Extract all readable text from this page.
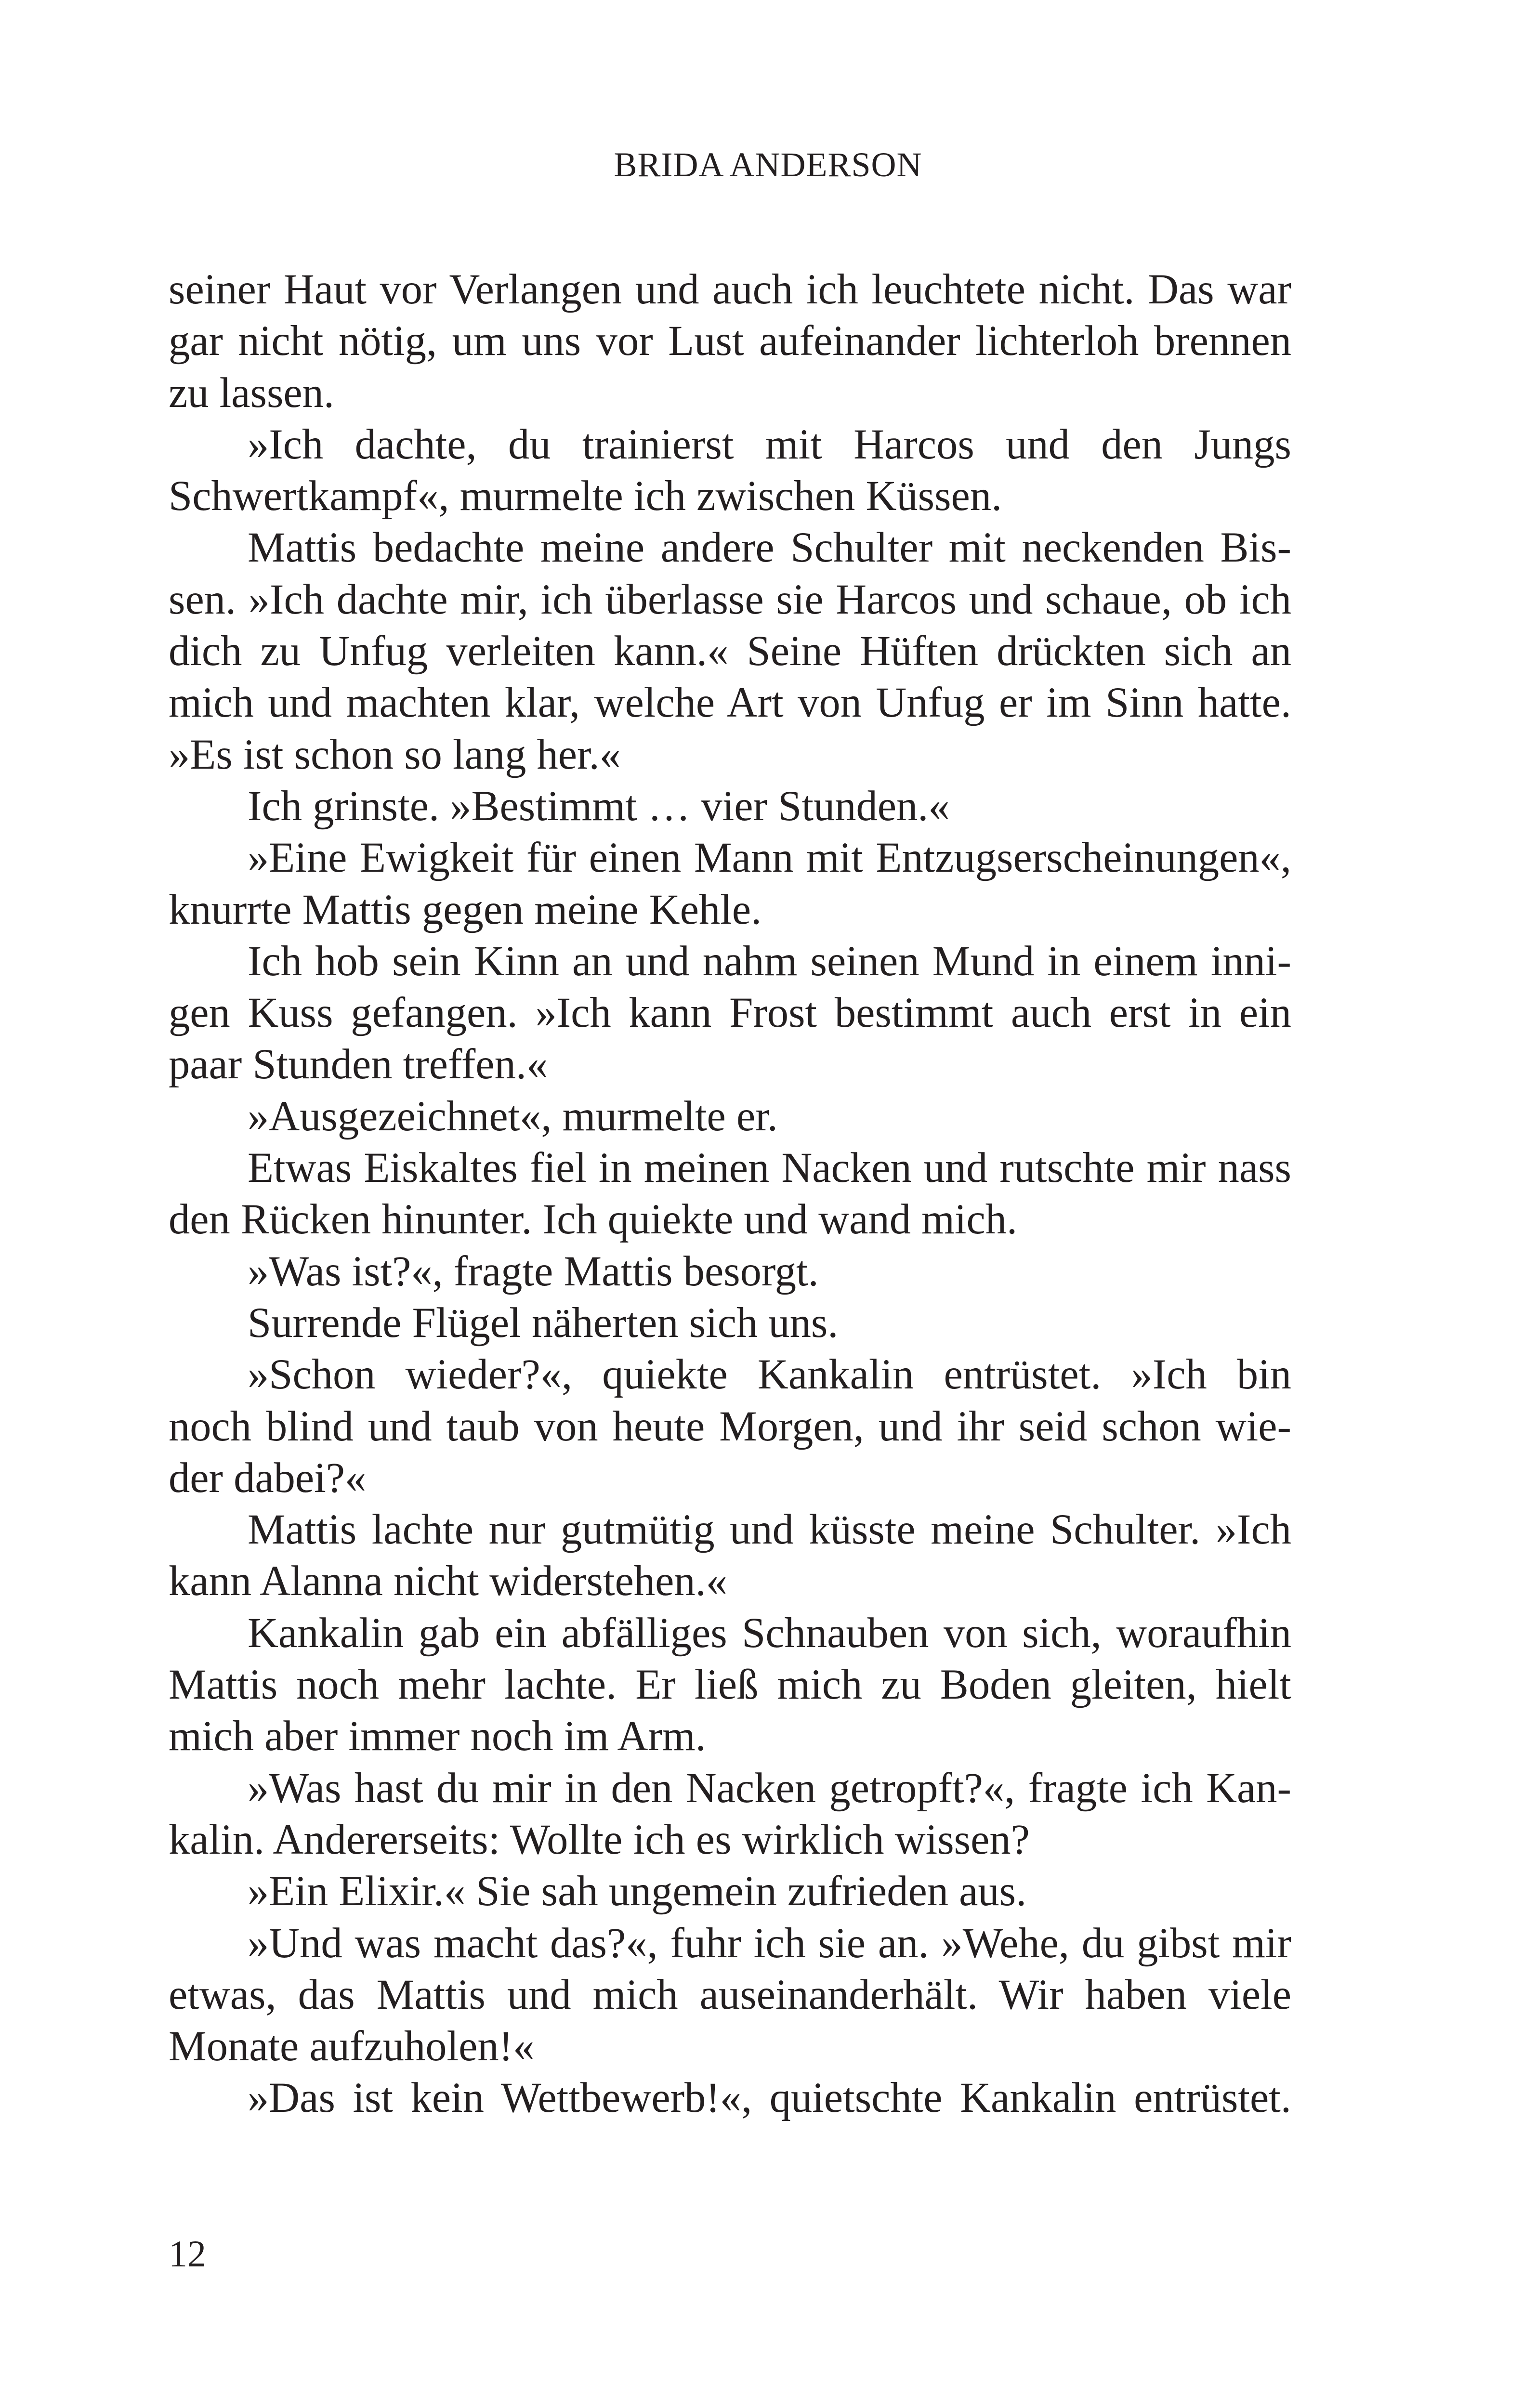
BRIDA ANDERSON
seiner Haut vor Verlangen und auch ich leuchtete nicht. Das war
gar nicht nötig, um uns vor Lust aufeinander lichterloh brennen
zu lassen.
»Ich dachte, du trainierst mit Harcos und den Jungs
Schwertkampf«, murmelte ich zwischen Küssen.
Mattis bedachte meine andere Schulter mit neckenden Bis-
sen. »Ich dachte mir, ich überlasse sie Harcos und schaue, ob ich
dich zu Unfug verleiten kann.« Seine Hüften drückten sich an
mich und machten klar, welche Art von Unfug er im Sinn hatte.
»Es ist schon so lang her.«
Ich grinste. »Bestimmt … vier Stunden.«
»Eine Ewigkeit für einen Mann mit Entzugserscheinungen«,
knurrte Mattis gegen meine Kehle.
Ich hob sein Kinn an und nahm seinen Mund in einem inni-
gen Kuss gefangen. »Ich kann Frost bestimmt auch erst in ein
paar Stunden treffen.«
»Ausgezeichnet«, murmelte er.
Etwas Eiskaltes fiel in meinen Nacken und rutschte mir nass
den Rücken hinunter. Ich quiekte und wand mich.
»Was ist?«, fragte Mattis besorgt.
Surrende Flügel näherten sich uns.
»Schon wieder?«, quiekte Kankalin entrüstet. »Ich bin
noch blind und taub von heute Morgen, und ihr seid schon wie-
der dabei?«
Mattis lachte nur gutmütig und küsste meine Schulter. »Ich
kann Alanna nicht widerstehen.«
Kankalin gab ein abfälliges Schnauben von sich, woraufhin
Mattis noch mehr lachte. Er ließ mich zu Boden gleiten, hielt
mich aber immer noch im Arm.
»Was hast du mir in den Nacken getropft?«, fragte ich Kan-
kalin. Andererseits: Wollte ich es wirklich wissen?
»Ein Elixir.« Sie sah ungemein zufrieden aus.
»Und was macht das?«, fuhr ich sie an. »Wehe, du gibst mir
etwas, das Mattis und mich auseinanderhält. Wir haben viele
Monate aufzuholen!«
»Das ist kein Wettbewerb!«, quietschte Kankalin entrüstet.
12
